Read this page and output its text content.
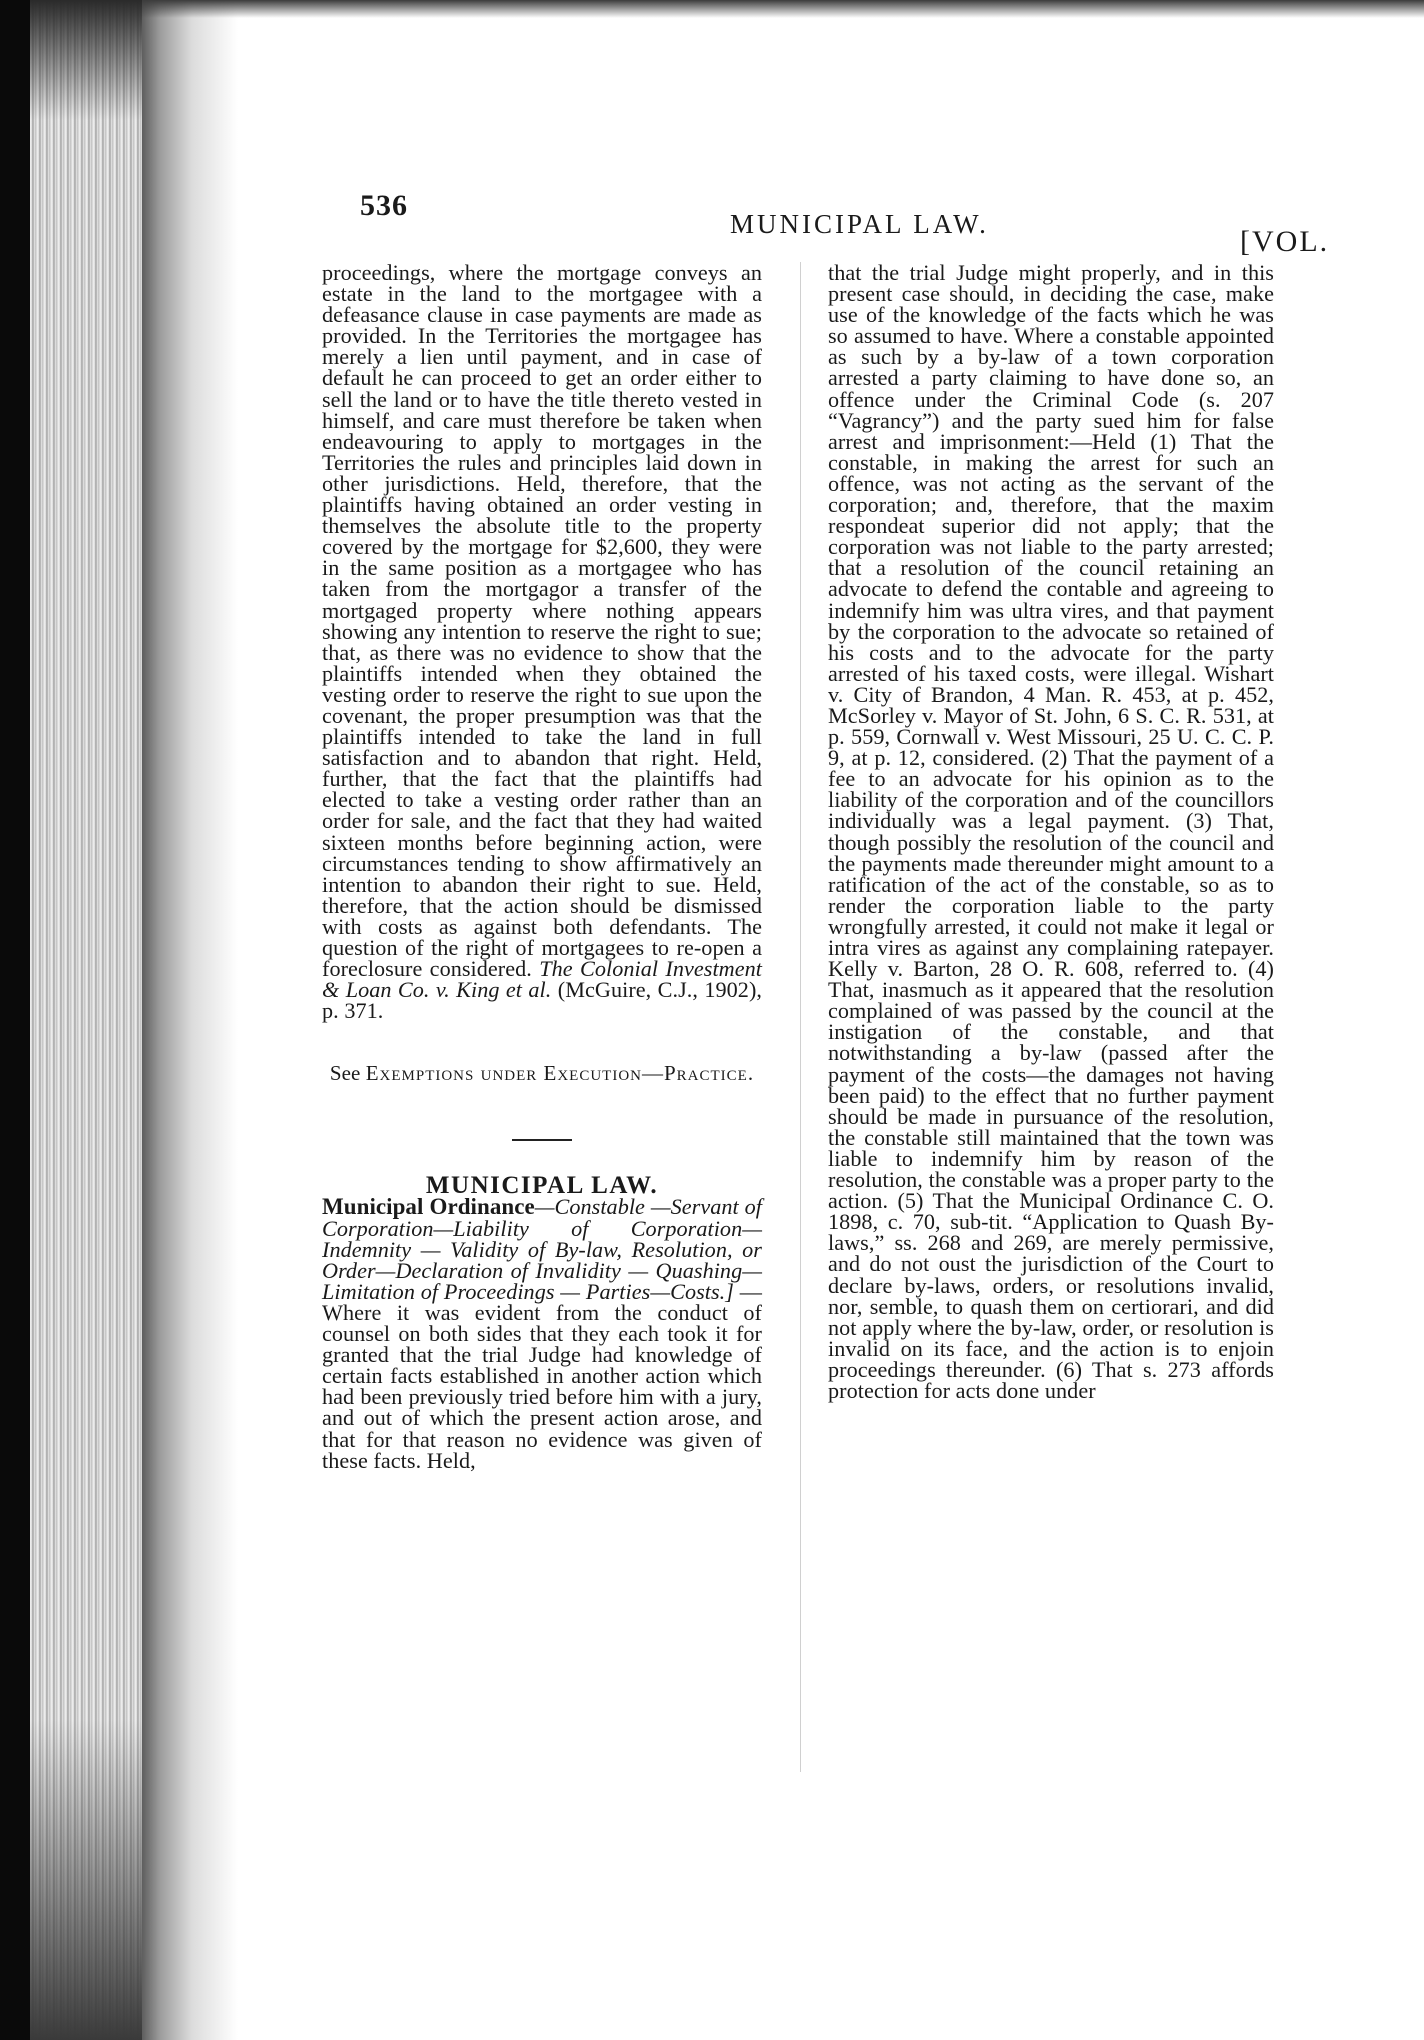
536
MUNICIPAL LAW.
[VOL.

proceedings, where the mortgage conveys an estate in the land to the mortgagee with a defeasance clause in case payments are made as provided. In the Territories the mortgagee has merely a lien until payment, and in case of default he can proceed to get an order either to sell the land or to have the title thereto vested in himself, and care must therefore be taken when endeavouring to apply to mortgages in the Territories the rules and principles laid down in other jurisdictions. Held, therefore, that the plaintiffs having obtained an order vesting in themselves the absolute title to the property covered by the mortgage for $2,600, they were in the same position as a mortgagee who has taken from the mortgagor a transfer of the mortgaged property where nothing appears showing any intention to reserve the right to sue; that, as there was no evidence to show that the plaintiffs intended when they obtained the vesting order to reserve the right to sue upon the covenant, the proper presumption was that the plaintiffs intended to take the land in full satisfaction and to abandon that right. Held, further, that the fact that the plaintiffs had elected to take a vesting order rather than an order for sale, and the fact that they had waited sixteen months before beginning action, were circumstances tending to show affirmatively an intention to abandon their right to sue. Held, therefore, that the action should be dismissed with costs as against both defendants. The question of the right of mortgagees to re-open a foreclosure considered. The Colonial Investment & Loan Co. v. King et al. (McGuire, C.J., 1902), p. 371.

See Exemptions under Execution—Practice.

MUNICIPAL LAW.

Municipal Ordinance—Constable —Servant of Corporation—Liability of Corporation—Indemnity — Validity of By-law, Resolution, or Order—Declaration of Invalidity — Quashing—Limitation of Proceedings — Parties—Costs.] —Where it was evident from the conduct of counsel on both sides that they each took it for granted that the trial Judge had knowledge of certain facts established in another action which had been previously tried before him with a jury, and out of which the present action arose, and that for that reason no evidence was given of these facts. Held,

that the trial Judge might properly, and in this present case should, in deciding the case, make use of the knowledge of the facts which he was so assumed to have. Where a constable appointed as such by a by-law of a town corporation arrested a party claiming to have done so, an offence under the Criminal Code (s. 207 “Vagrancy”) and the party sued him for false arrest and imprisonment:—Held (1) That the constable, in making the arrest for such an offence, was not acting as the servant of the corporation; and, therefore, that the maxim respondeat superior did not apply; that the corporation was not liable to the party arrested; that a resolution of the council retaining an advocate to defend the contable and agreeing to indemnify him was ultra vires, and that payment by the corporation to the advocate so retained of his costs and to the advocate for the party arrested of his taxed costs, were illegal. Wishart v. City of Brandon, 4 Man. R. 453, at p. 452, McSorley v. Mayor of St. John, 6 S. C. R. 531, at p. 559, Cornwall v. West Missouri, 25 U. C. C. P. 9, at p. 12, considered. (2) That the payment of a fee to an advocate for his opinion as to the liability of the corporation and of the councillors individually was a legal payment. (3) That, though possibly the resolution of the council and the payments made thereunder might amount to a ratification of the act of the constable, so as to render the corporation liable to the party wrongfully arrested, it could not make it legal or intra vires as against any complaining ratepayer. Kelly v. Barton, 28 O. R. 608, referred to. (4) That, inasmuch as it appeared that the resolution complained of was passed by the council at the instigation of the constable, and that notwithstanding a by-law (passed after the payment of the costs—the damages not having been paid) to the effect that no further payment should be made in pursuance of the resolution, the constable still maintained that the town was liable to indemnify him by reason of the resolution, the constable was a proper party to the action. (5) That the Municipal Ordinance C. O. 1898, c. 70, sub-tit. “Application to Quash By-laws,” ss. 268 and 269, are merely permissive, and do not oust the jurisdiction of the Court to declare by-laws, orders, or resolutions invalid, nor, semble, to quash them on certiorari, and did not apply where the by-law, order, or resolution is invalid on its face, and the action is to enjoin proceedings thereunder. (6) That s. 273 affords protection for acts done under
